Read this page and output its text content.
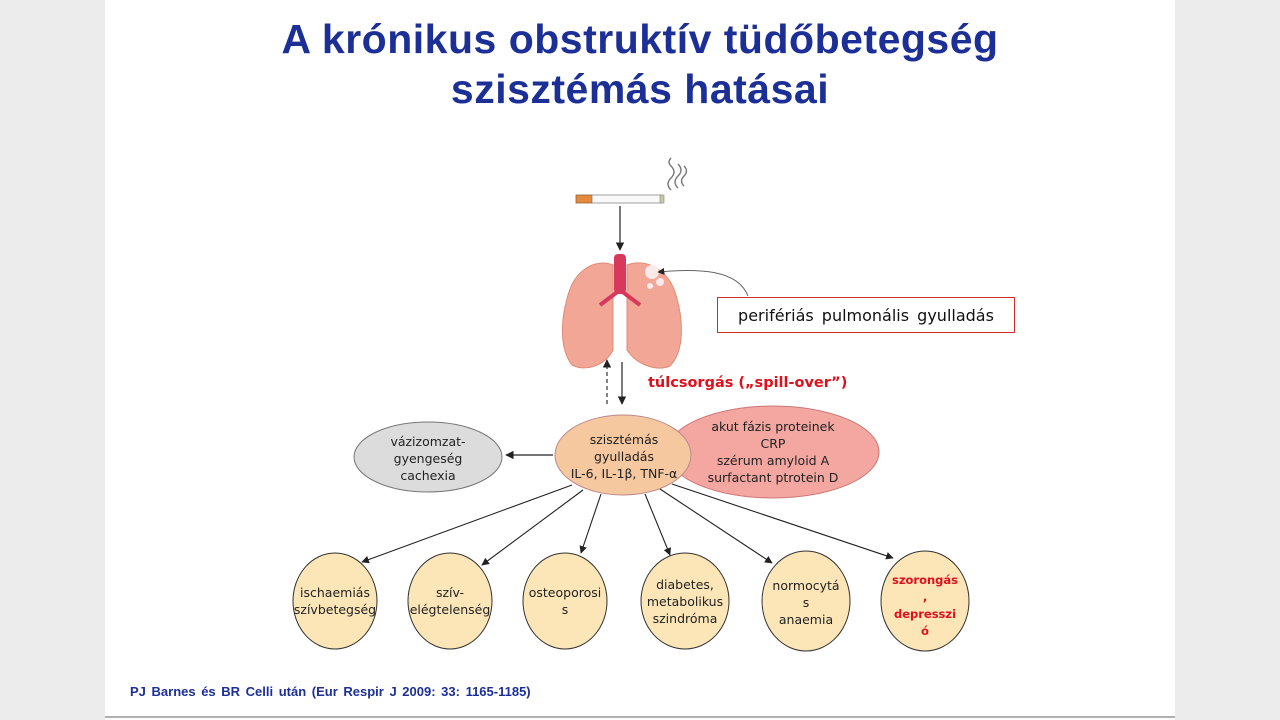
A krónikus obstruktív tüdőbetegség
szisztémás hatásai
perifériás pulmonális gyulladás
túlcsorgás („spill-over”)
szisztémás
gyulladás
IL-6, IL-1β, TNF-α
akut fázis proteinek
CRP
szérum amyloid A
surfactant ptrotein D
vázizomzat-
gyengeség
cachexia
ischaemiás
szívbetegség
szív-
elégtelenség
osteoporosi
s
diabetes,
metabolikus
szindróma
normocytá
s
anaemia
szorongás
,
depresszi
ó
PJ Barnes és BR Celli után (Eur Respir J 2009: 33: 1165-1185)
